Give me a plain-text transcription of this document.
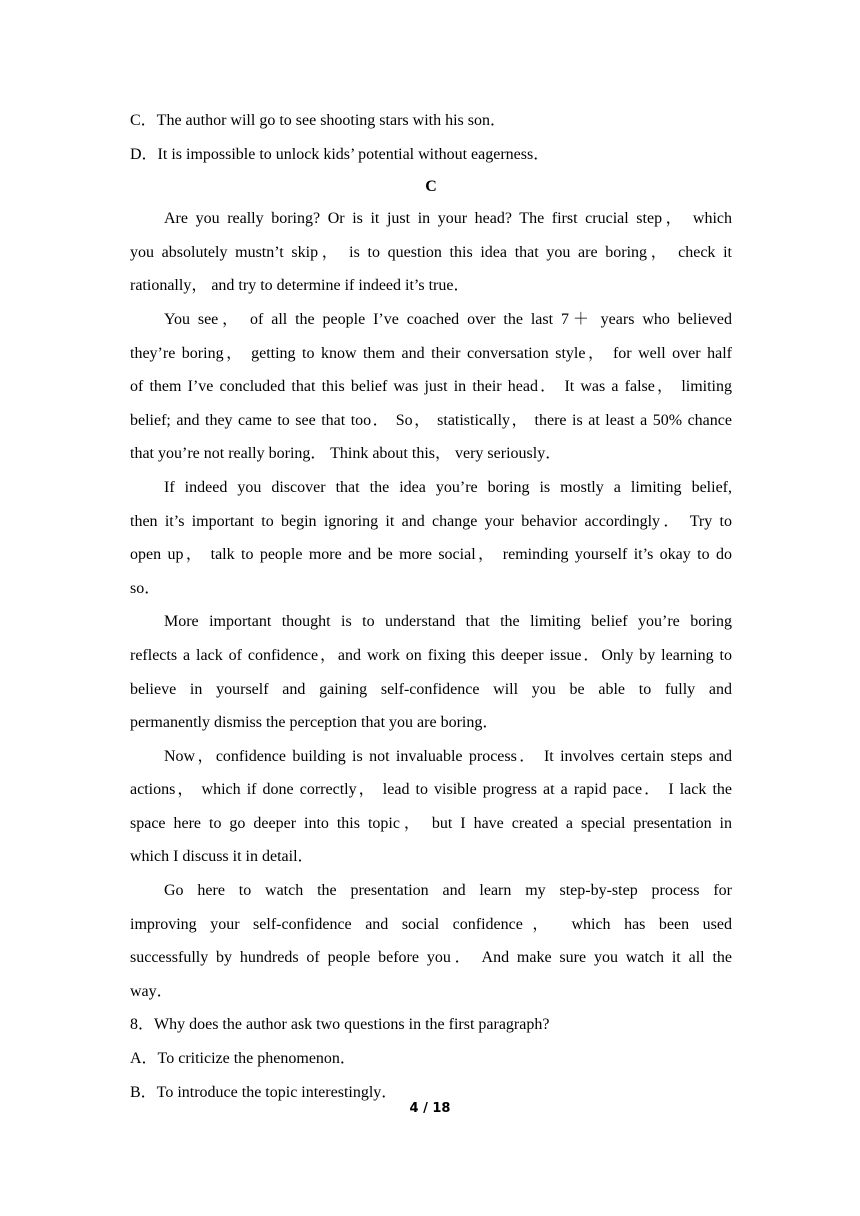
C．The author will go to see shooting stars with his son．
D．It is impossible to unlock kids’ potential without eagerness．
C
Are you really boring? Or is it just in your head? The first crucial step， which
you absolutely mustn’t skip， is to question this idea that you are boring， check it
rationally， and try to determine if indeed it’s true．
You see， of all the people I’ve coached over the last 7＋ years who believed
they’re boring， getting to know them and their conversation style， for well over half
of them I’ve concluded that this belief was just in their head． It was a false， limiting
belief; and they came to see that too． So， statistically， there is at least a 50% chance
that you’re not really boring． Think about this， very seriously．
If indeed you discover that the idea you’re boring is mostly a limiting belief,
then it’s important to begin ignoring it and change your behavior accordingly． Try to
open up， talk to people more and be more social， reminding yourself it’s okay to do
so．
More important thought is to understand that the limiting belief you’re boring
reflects a lack of confidence，and work on fixing this deeper issue．Only by learning to
believe in yourself and gaining self-confidence will you be able to fully and
permanently dismiss the perception that you are boring．
Now，confidence building is not invaluable process． It involves certain steps and
actions， which if done correctly， lead to visible progress at a rapid pace． I lack the
space here to go deeper into this topic， but I have created a special presentation in
which I discuss it in detail．
Go here to watch the presentation and learn my step-by-step process for
improving your self-confidence and social confidence， which has been used
successfully by hundreds of people before you． And make sure you watch it all the
way．
8．Why does the author ask two questions in the first paragraph?
A．To criticize the phenomenon．
B．To introduce the topic interestingly．
4 / 18
